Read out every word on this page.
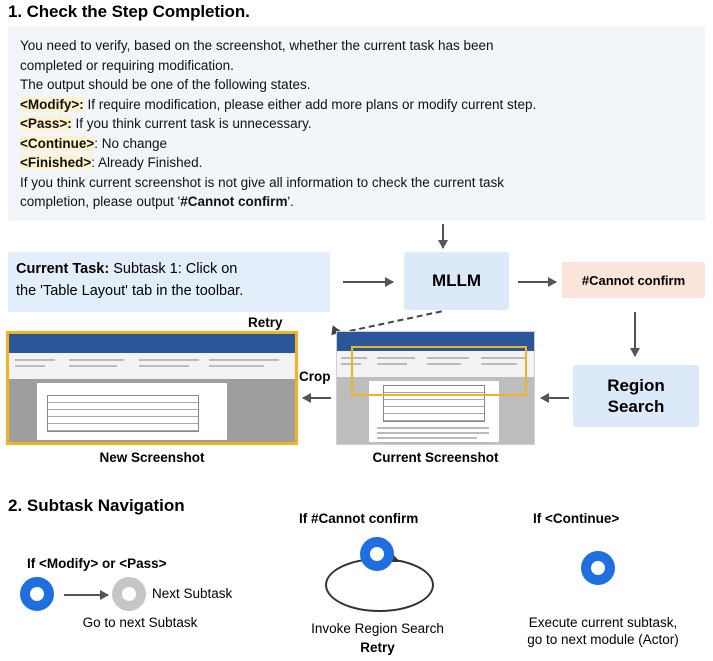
1. Check the Step Completion.
You need to verify, based on the screenshot, whether the current task has been
completed or requiring modification.
The output should be one of the following states.
<Modify>: If require modification, please either add more plans or modify current step.
<Pass>: If you think current task is unnecessary.
<Continue>: No change
<Finished>: Already Finished.
If you think current screenshot is not give all information to check the current task
completion, please output '#Cannot confirm'.
Current Task: Subtask 1: Click on
the 'Table Layout' tab in the toolbar.
MLLM	#Cannot confirm
Region
Search
Retry
Crop
New Screenshot	Current Screenshot
2. Subtask Navigation
If <Modify> or <Pass>
Next Subtask
Go to next Subtask
If #Cannot confirm
Invoke Region Search
Retry
If <Continue>
Execute current subtask,
go to next module (Actor)
